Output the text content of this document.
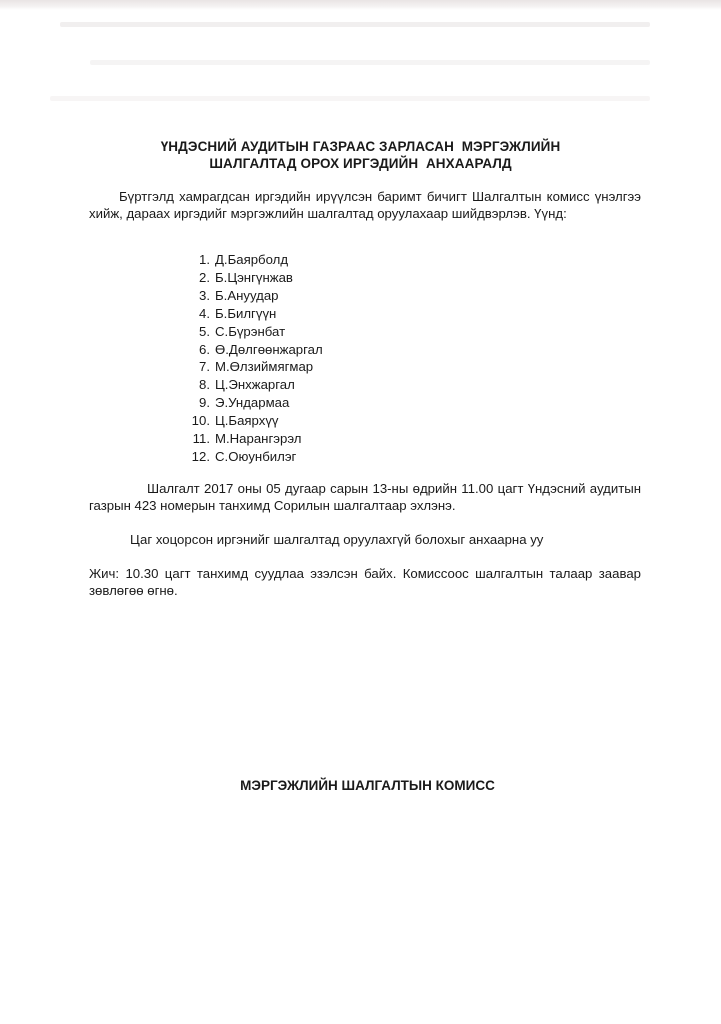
ҮНДЭСНИЙ АУДИТЫН ГАЗРААС ЗАРЛАСАН  МЭРГЭЖЛИЙН
ШАЛГАЛТАД ОРОХ ИРГЭДИЙН  АНХААРАЛД
Бүртгэлд хамрагдсан иргэдийн ирүүлсэн баримт бичигт Шалгалтын комисс үнэлгээ хийж, дараах иргэдийг мэргэжлийн шалгалтад оруулахаар шийдвэрлэв. Үүнд:
1. Д.Баярболд
2. Б.Цэнгүнжав
3. Б.Ануудар
4. Б.Билгүүн
5. С.Бүрэнбат
6. Ө.Дөлгөөнжаргал
7. М.Өлзиймягмар
8. Ц.Энхжаргал
9. Э.Ундармаа
10. Ц.Баярхүү
11. М.Нарангэрэл
12. С.Оюунбилэг
Шалгалт 2017 оны 05 дугаар сарын 13-ны өдрийн 11.00 цагт Үндэсний аудитын газрын 423 номерын танхимд Сорилын шалгалтаар эхлэнэ.
Цаг хоцорсон иргэнийг шалгалтад оруулахгүй болохыг анхаарна уу
Жич: 10.30 цагт танхимд суудлаа эзэлсэн байх. Комиссоос шалгалтын талаар заавар зөвлөгөө өгнө.
МЭРГЭЖЛИЙН ШАЛГАЛТЫН КОМИСС
